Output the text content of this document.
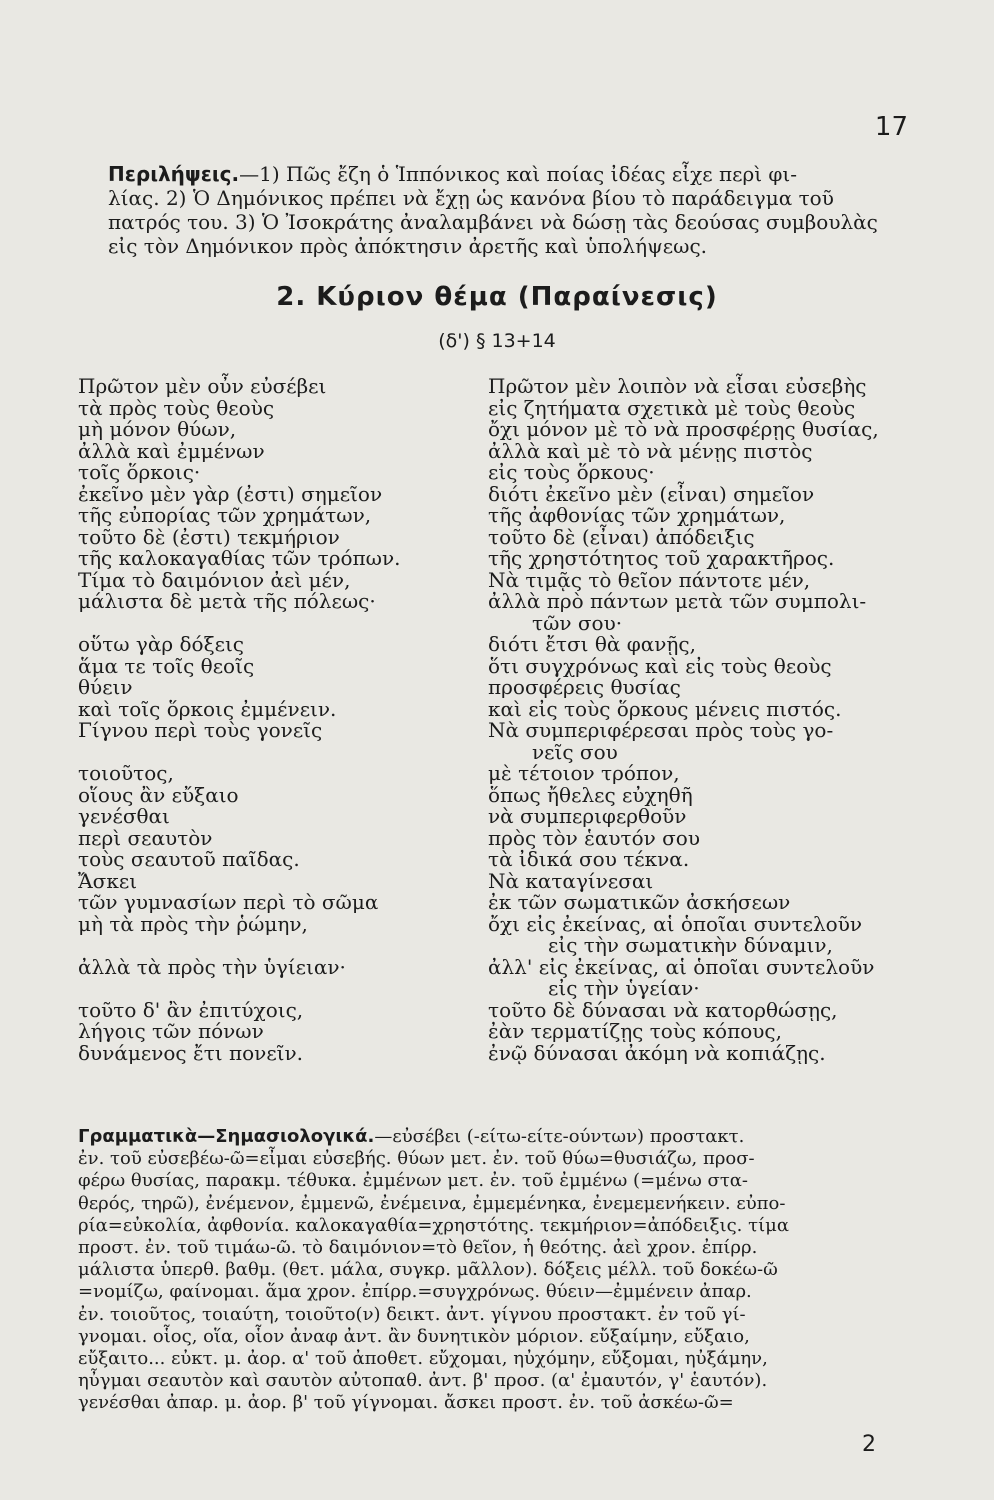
17
Περιλήψεις.—1) Πῶς ἔζη ὁ Ἱππόνικος καὶ ποίας ἰδέας εἶχε περὶ φι-
λίας. 2) Ὁ Δημόνικος πρέπει νὰ ἔχῃ ὡς κανόνα βίου τὸ παράδειγμα τοῦ
πατρός του. 3) Ὁ Ἰσοκράτης ἀναλαμβάνει νὰ δώσῃ τὰς δεούσας συμβουλὰς
εἰς τὸν Δημόνικον πρὸς ἀπόκτησιν ἀρετῆς καὶ ὑπολήψεως.
2. Κύριον θέμα (Παραίνεσις)
(δ') § 13+14
Πρῶτον μὲν οὖν εὐσέβει
τὰ πρὸς τοὺς θεοὺς
μὴ μόνον θύων,
ἀλλὰ καὶ ἐμμένων
τοῖς ὅρκοις·
ἐκεῖνο μὲν γὰρ (ἐστι) σημεῖον
τῆς εὐπορίας τῶν χρημάτων,
τοῦτο δὲ (ἐστι) τεκμήριον
τῆς καλοκαγαθίας τῶν τρόπων.
Τίμα τὸ δαιμόνιον ἀεὶ μέν,
μάλιστα δὲ μετὰ τῆς πόλεως·
οὕτω γὰρ δόξεις
ἅμα τε τοῖς θεοῖς
θύειν
καὶ τοῖς ὅρκοις ἐμμένειν.
Γίγνου περὶ τοὺς γονεῖς
τοιοῦτος,
οἵους ἂν εὔξαιο
γενέσθαι
περὶ σεαυτὸν
τοὺς σεαυτοῦ παῖδας.
Ἄσκει
τῶν γυμνασίων περὶ τὸ σῶμα
μὴ τὰ πρὸς τὴν ῥώμην,
ἀλλὰ τὰ πρὸς τὴν ὑγίειαν·
τοῦτο δ' ἂν ἐπιτύχοις,
λήγοις τῶν πόνων
δυνάμενος ἔτι πονεῖν.
Πρῶτον μὲν λοιπὸν νὰ εἶσαι εὐσεβὴς
εἰς ζητήματα σχετικὰ μὲ τοὺς θεοὺς
ὄχι μόνον μὲ τὸ νὰ προσφέρῃς θυσίας,
ἀλλὰ καὶ μὲ τὸ νὰ μένῃς πιστὸς
εἰς τοὺς ὅρκους·
διότι ἐκεῖνο μὲν (εἶναι) σημεῖον
τῆς ἀφθονίας τῶν χρημάτων,
τοῦτο δὲ (εἶναι) ἀπόδειξις
τῆς χρηστότητος τοῦ χαρακτῆρος.
Νὰ τιμᾷς τὸ θεῖον πάντοτε μέν,
ἀλλὰ πρὸ πάντων μετὰ τῶν συμπολι-
τῶν σου·
διότι ἔτσι θὰ φανῇς,
ὅτι συγχρόνως καὶ εἰς τοὺς θεοὺς
προσφέρεις θυσίας
καὶ εἰς τοὺς ὅρκους μένεις πιστός.
Νὰ συμπεριφέρεσαι πρὸς τοὺς γο-
νεῖς σου
μὲ τέτοιον τρόπον,
ὅπως ἤθελες εὐχηθῆ
νὰ συμπεριφερθοῦν
πρὸς τὸν ἑαυτόν σου
τὰ ἰδικά σου τέκνα.
Νὰ καταγίνεσαι
ἐκ τῶν σωματικῶν ἀσκήσεων
ὄχι εἰς ἐκείνας, αἱ ὁποῖαι συντελοῦν
εἰς τὴν σωματικὴν δύναμιν,
ἀλλ' εἰς ἐκείνας, αἱ ὁποῖαι συντελοῦν
εἰς τὴν ὑγείαν·
τοῦτο δὲ δύνασαι νὰ κατορθώσῃς,
ἐὰν τερματίζῃς τοὺς κόπους,
ἐνῷ δύνασαι ἀκόμη νὰ κοπιάζῃς.
Γραμματικὰ—Σημασιολογικά.—εὐσέβει (-είτω-είτε-ούντων) προστακτ.
ἐν. τοῦ εὐσεβέω-ῶ=εἶμαι εὐσεβής. θύων μετ. ἐν. τοῦ θύω=θυσιάζω, προσ-
φέρω θυσίας, παρακμ. τέθυκα. ἐμμένων μετ. ἐν. τοῦ ἐμμένω (=μένω στα-
θερός, τηρῶ), ἐνέμενον, ἐμμενῶ, ἐνέμεινα, ἐμμεμένηκα, ἐνεμεμενήκειν. εὐπο-
ρία=εὐκολία, ἀφθονία. καλοκαγαθία=χρηστότης. τεκμήριον=ἀπόδειξις. τίμα
προστ. ἐν. τοῦ τιμάω-ῶ. τὸ δαιμόνιον=τὸ θεῖον, ἡ θεότης. ἀεὶ χρον. ἐπίρρ.
μάλιστα ὑπερθ. βαθμ. (θετ. μάλα, συγκρ. μᾶλλον). δόξεις μέλλ. τοῦ δοκέω-ῶ
=νομίζω, φαίνομαι. ἅμα χρον. ἐπίρρ.=συγχρόνως. θύειν—ἐμμένειν ἀπαρ.
ἐν. τοιοῦτος, τοιαύτη, τοιοῦτο(ν) δεικτ. ἀντ. γίγνου προστακτ. ἐν τοῦ γί-
γνομαι. οἷος, οἵα, οἷον ἀναφ ἀντ. ἂν δυνητικὸν μόριον. εὔξαίμην, εὔξαιο,
εὔξαιτο... εὐκτ. μ. ἀορ. α' τοῦ ἀποθετ. εὔχομαι, ηὐχόμην, εὔξομαι, ηὐξάμην,
ηὖγμαι σεαυτὸν καὶ σαυτὸν αὐτοπαθ. ἀντ. β' προσ. (α' ἐμαυτόν, γ' ἑαυτόν).
γενέσθαι ἀπαρ. μ. ἀορ. β' τοῦ γίγνομαι. ἄσκει προστ. ἐν. τοῦ ἀσκέω-ῶ=
2
